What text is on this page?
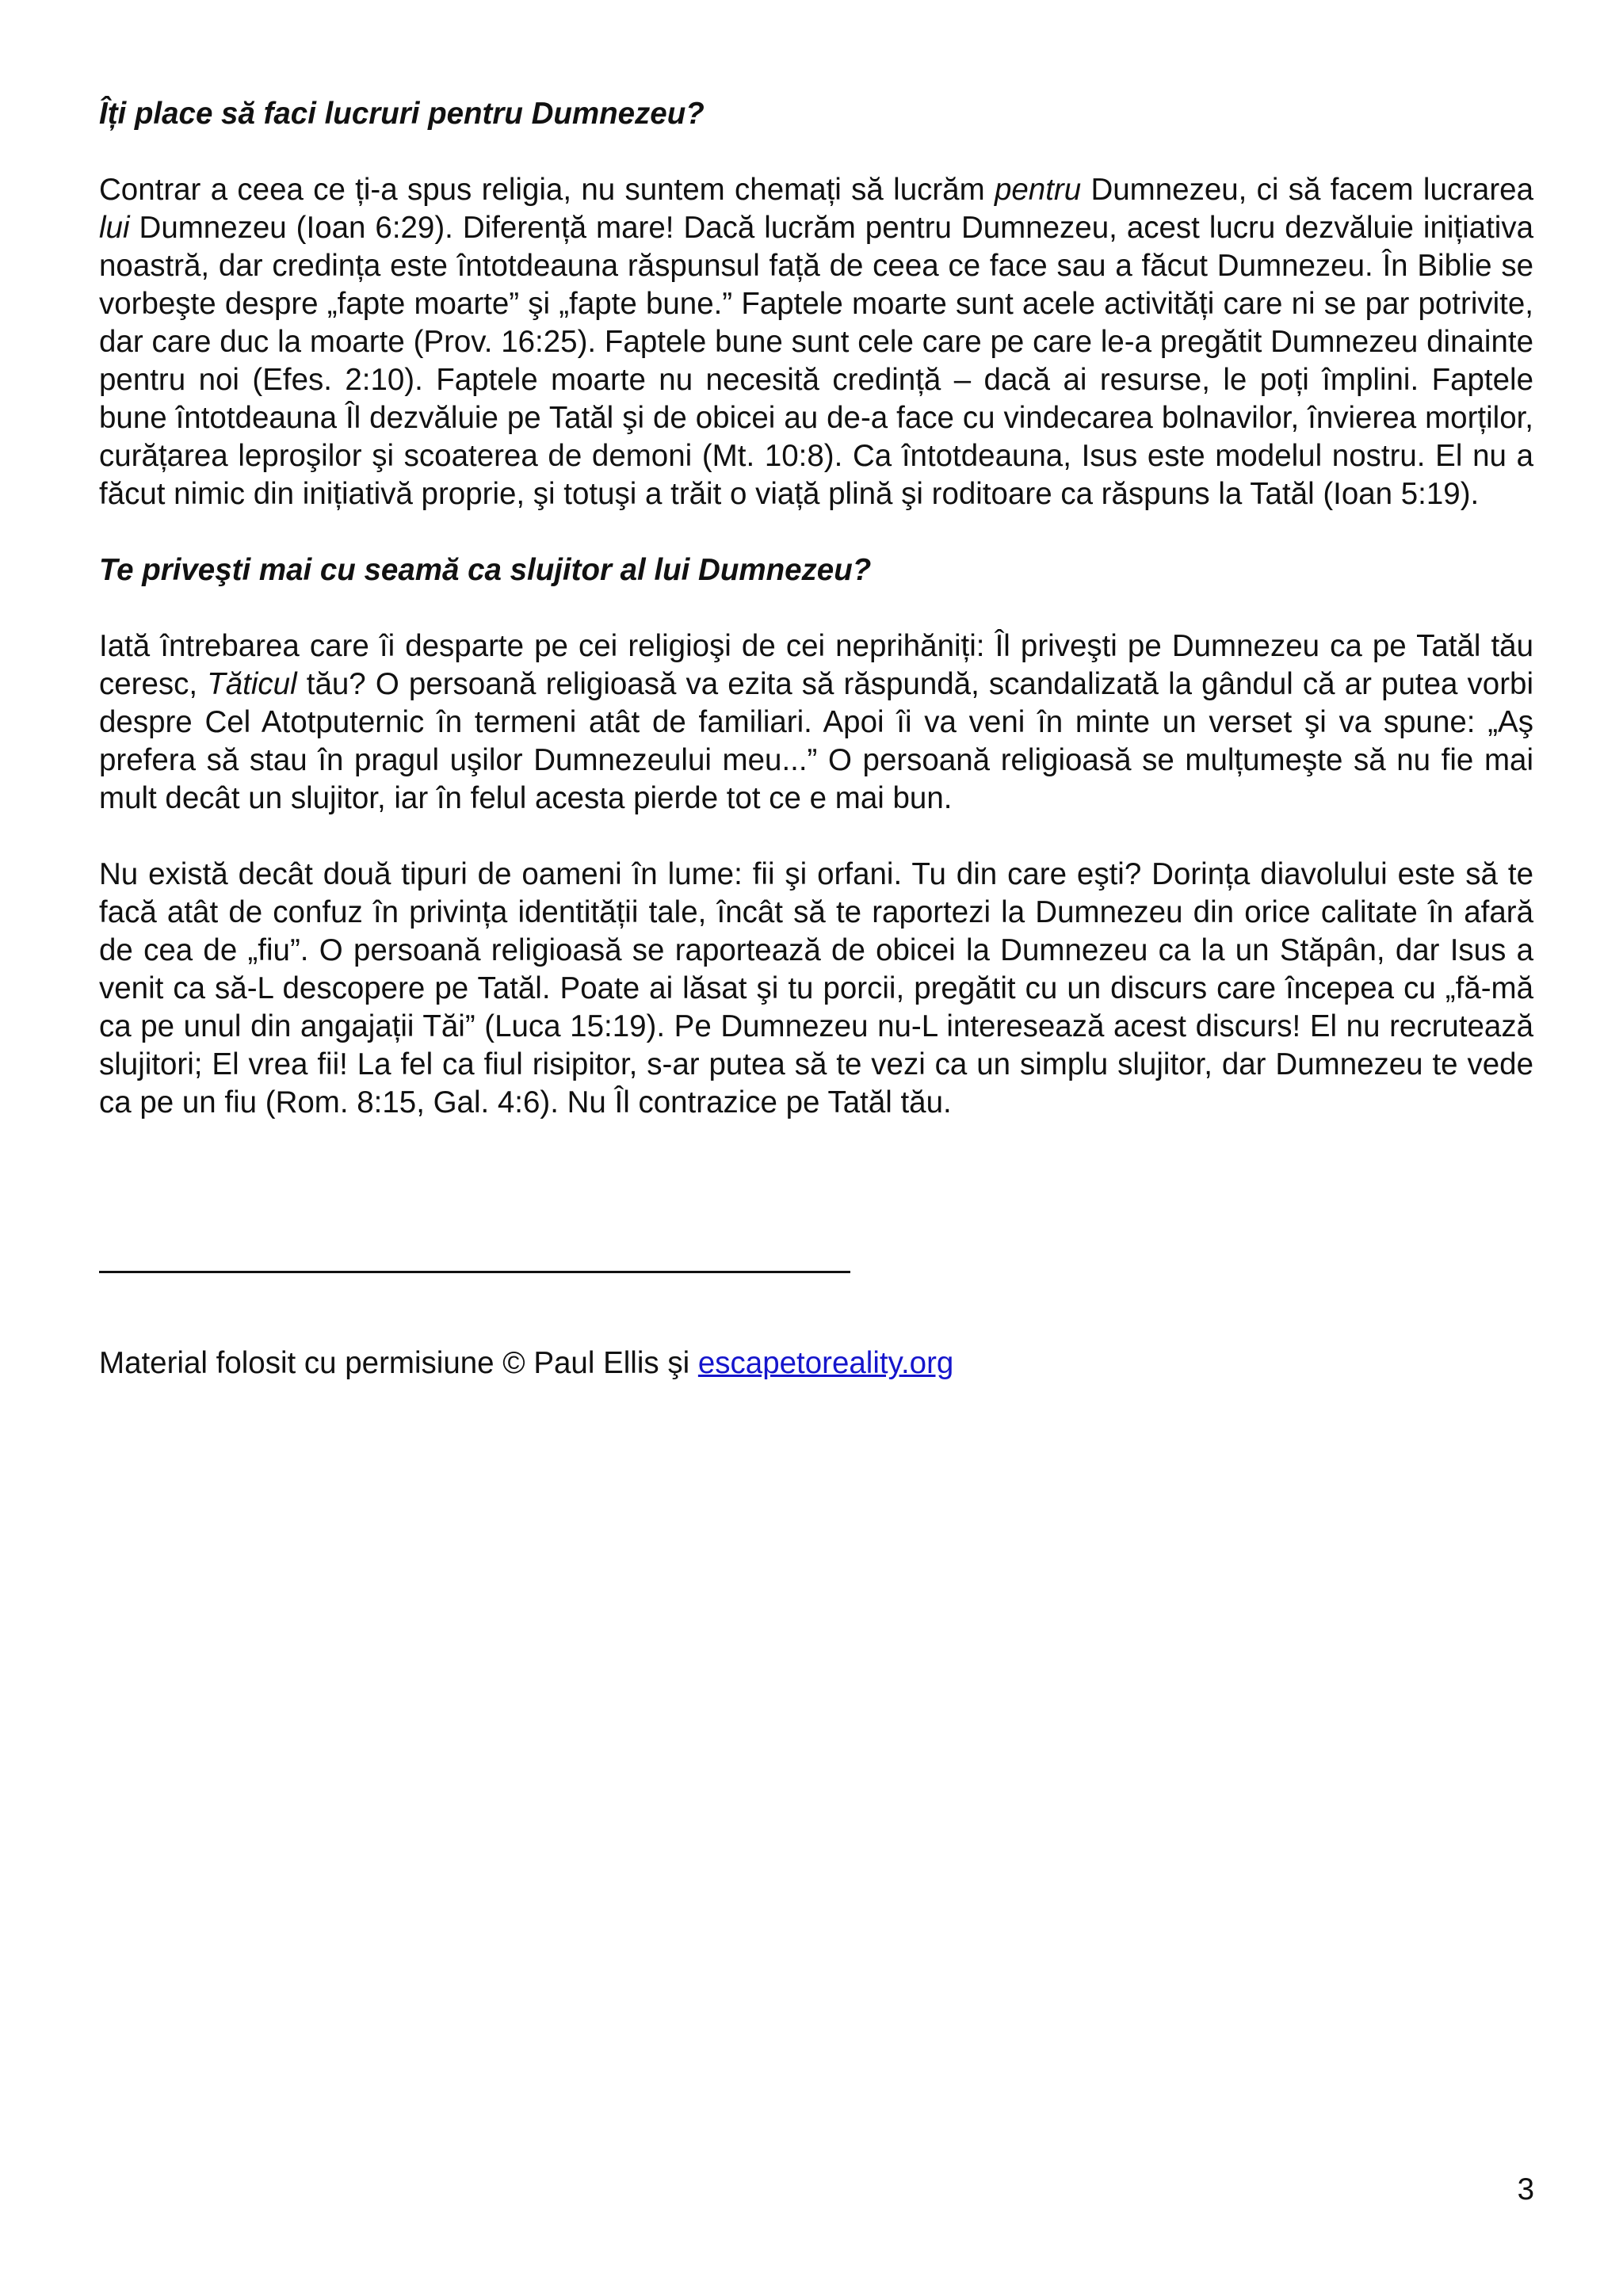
Îți place să faci lucruri pentru Dumnezeu?

Contrar a ceea ce ți-a spus religia, nu suntem chemați să lucrăm pentru Dumnezeu, ci să facem lucrarea lui Dumnezeu (Ioan 6:29). Diferență mare! Dacă lucrăm pentru Dumnezeu, acest lucru dezvăluie inițiativa noastră, dar credința este întotdeauna răspunsul față de ceea ce face sau a făcut Dumnezeu. În Biblie se vorbeşte despre „fapte moarte” şi „fapte bune.” Faptele moarte sunt acele activități care ni se par potrivite, dar care duc la moarte (Prov. 16:25). Faptele bune sunt cele care pe care le-a pregătit Dumnezeu dinainte pentru noi (Efes. 2:10). Faptele moarte nu necesită credință – dacă ai resurse, le poți împlini. Faptele bune întotdeauna Îl dezvăluie pe Tatăl şi de obicei au de-a face cu vindecarea bolnavilor, învierea morților, curățarea leproşilor şi scoaterea de demoni (Mt. 10:8). Ca întotdeauna, Isus este modelul nostru. El nu a făcut nimic din inițiativă proprie, şi totuşi a trăit o viață plină şi roditoare ca răspuns la Tatăl (Ioan 5:19).

Te priveşti mai cu seamă ca slujitor al lui Dumnezeu?

Iată întrebarea care îi desparte pe cei religioşi de cei neprihăniți: Îl priveşti pe Dumnezeu ca pe Tatăl tău ceresc, Tăticul tău? O persoană religioasă va ezita să răspundă, scandalizată la gândul că ar putea vorbi despre Cel Atotputernic în termeni atât de familiari. Apoi îi va veni în minte un verset şi va spune: „Aş prefera să stau în pragul uşilor Dumnezeului meu...” O persoană religioasă se mulțumeşte să nu fie mai mult decât un slujitor, iar în felul acesta pierde tot ce e mai bun.

Nu există decât două tipuri de oameni în lume: fii şi orfani. Tu din care eşti? Dorința diavolului este să te facă atât de confuz în privința identității tale, încât să te raportezi la Dumnezeu din orice calitate în afară de cea de „fiu”. O persoană religioasă se raportează de obicei la Dumnezeu ca la un Stăpân, dar Isus a venit ca să-L descopere pe Tatăl. Poate ai lăsat şi tu porcii, pregătit cu un discurs care începea cu „fă-mă ca pe unul din angajații Tăi” (Luca 15:19). Pe Dumnezeu nu-L interesează acest discurs! El nu recrutează slujitori; El vrea fii! La fel ca fiul risipitor, s-ar putea să te vezi ca un simplu slujitor, dar Dumnezeu te vede ca pe un fiu (Rom. 8:15, Gal. 4:6). Nu Îl contrazice pe Tatăl tău.

Material folosit cu permisiune © Paul Ellis şi escapetoreality.org
3
